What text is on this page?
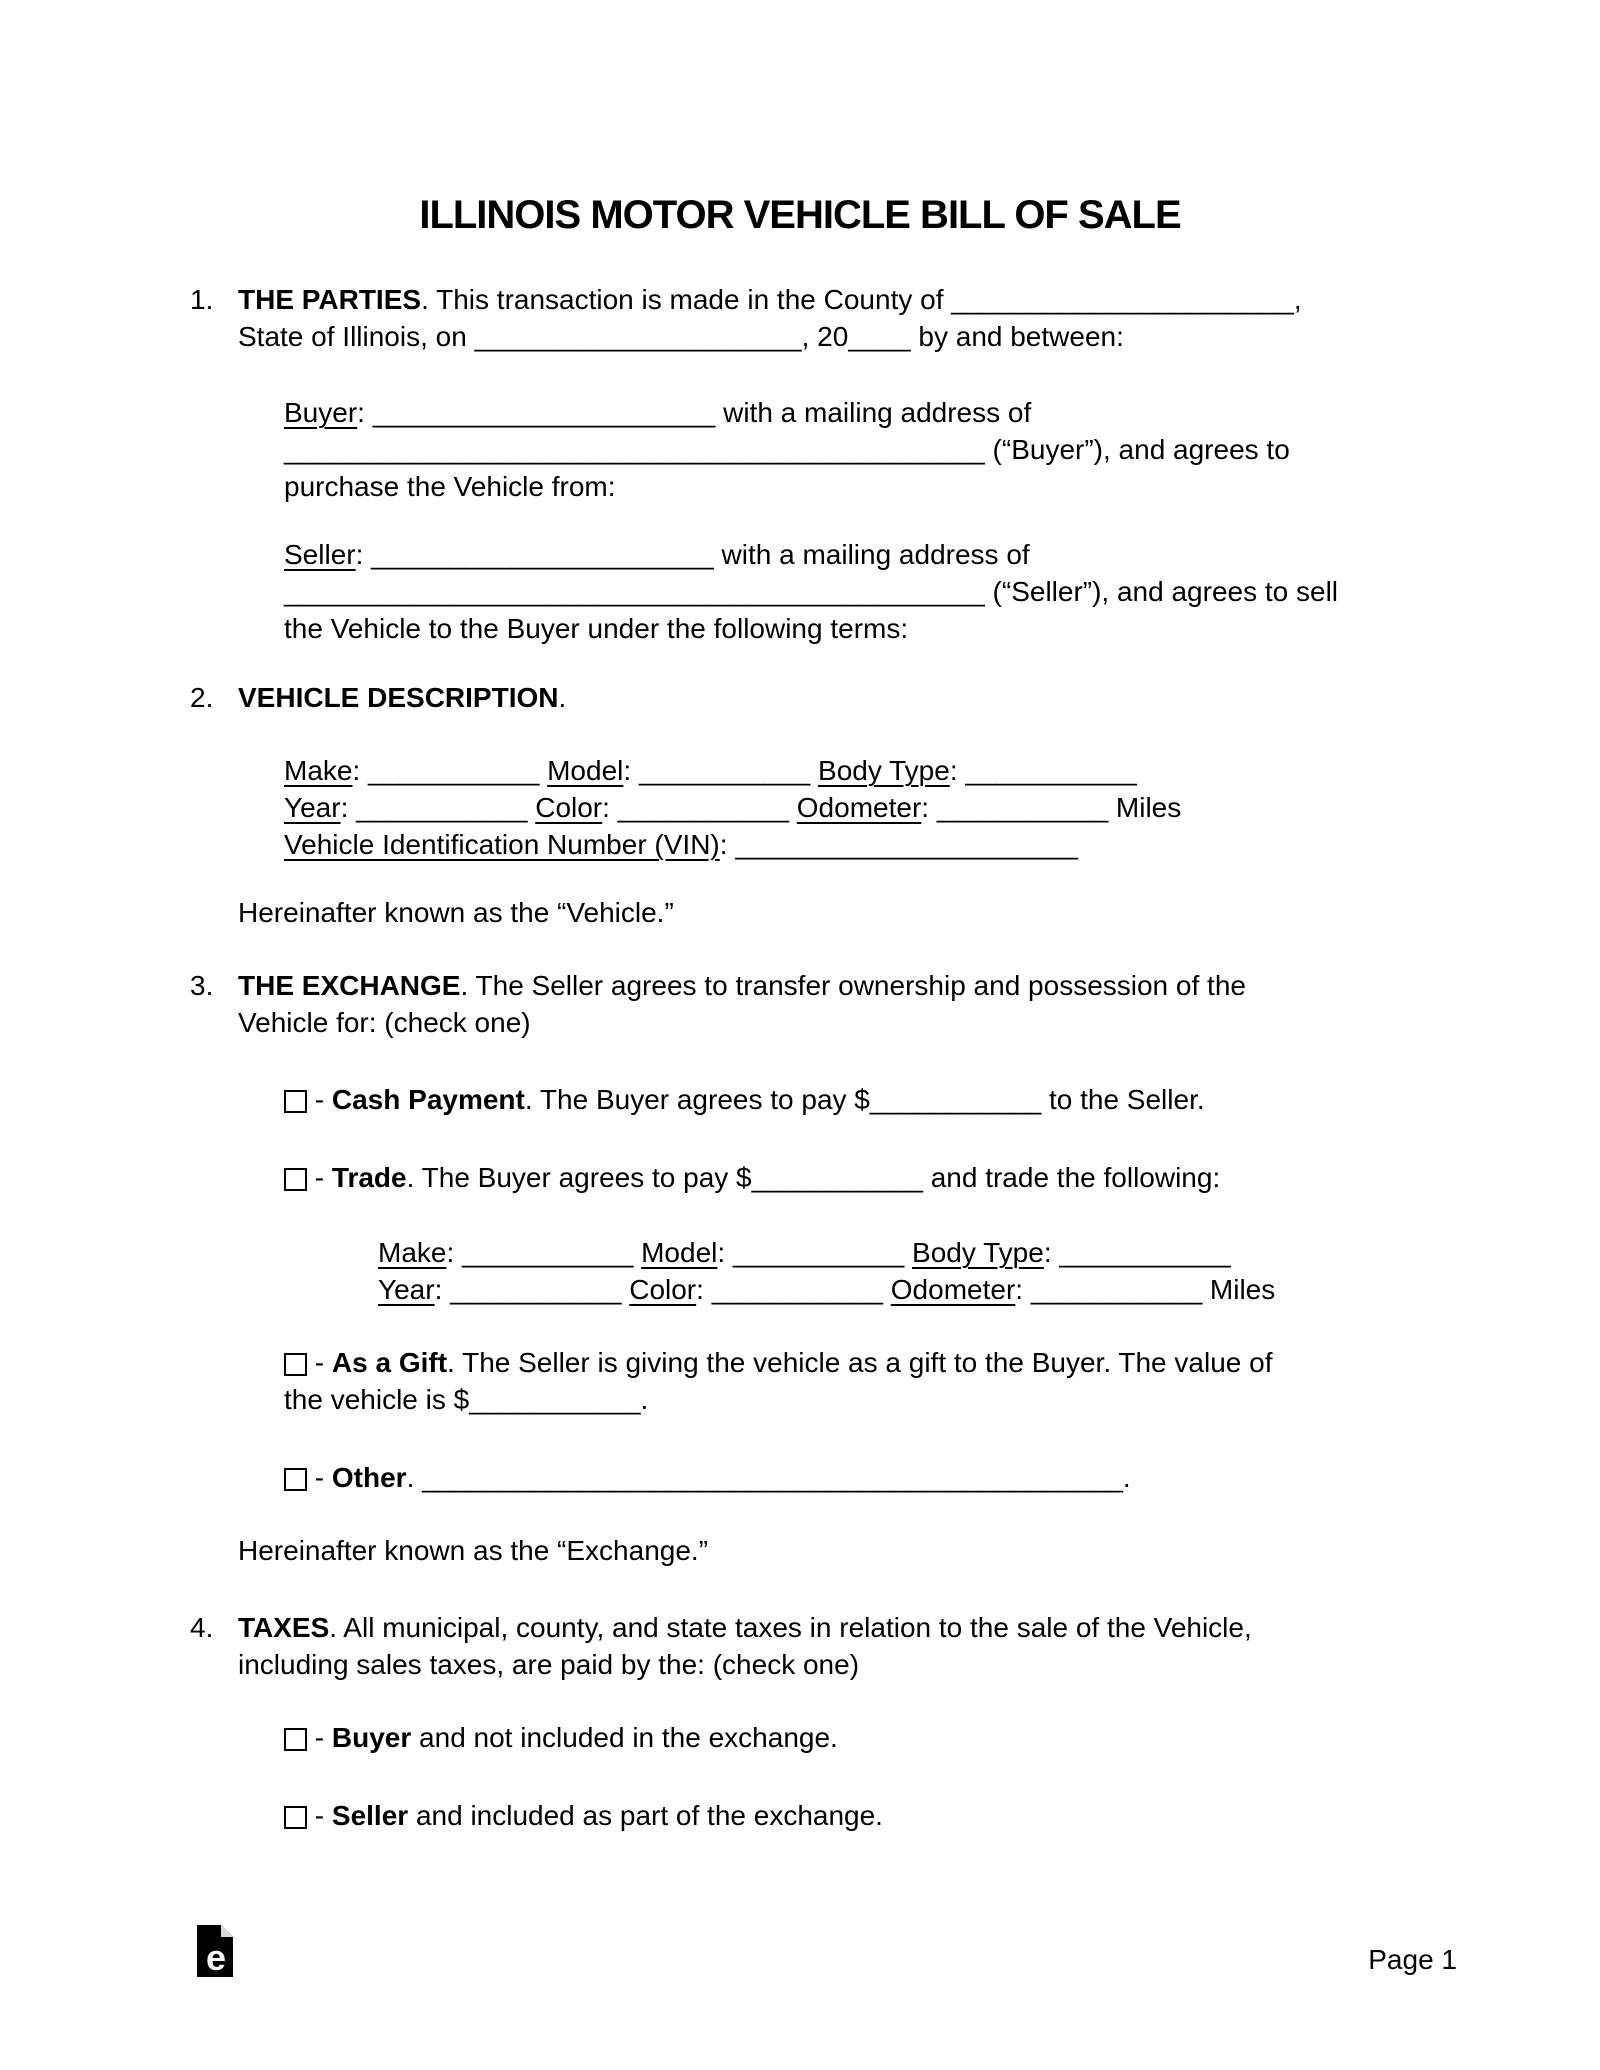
ILLINOIS MOTOR VEHICLE BILL OF SALE

1. THE PARTIES. This transaction is made in the County of ______________________,
State of Illinois, on _____________________, 20____ by and between:

Buyer: ______________________ with a mailing address of
_____________________________________________ (“Buyer”), and agrees to
purchase the Vehicle from:

Seller: ______________________ with a mailing address of
_____________________________________________ (“Seller”), and agrees to sell
the Vehicle to the Buyer under the following terms:

2. VEHICLE DESCRIPTION.

Make: ___________ Model: ___________ Body Type: ___________
Year: ___________ Color: ___________ Odometer: ___________ Miles
Vehicle Identification Number (VIN): ______________________

Hereinafter known as the “Vehicle.”

3. THE EXCHANGE. The Seller agrees to transfer ownership and possession of the
Vehicle for: (check one)

- Cash Payment. The Buyer agrees to pay $___________ to the Seller.

- Trade. The Buyer agrees to pay $___________ and trade the following:

Make: ___________ Model: ___________ Body Type: ___________
Year: ___________ Color: ___________ Odometer: ___________ Miles

- As a Gift. The Seller is giving the vehicle as a gift to the Buyer. The value of
the vehicle is $___________.

- Other. _____________________________________________.

Hereinafter known as the “Exchange.”

4. TAXES. All municipal, county, and state taxes in relation to the sale of the Vehicle,
including sales taxes, are paid by the: (check one)

- Buyer and not included in the exchange.

- Seller and included as part of the exchange.

e	Page 1
